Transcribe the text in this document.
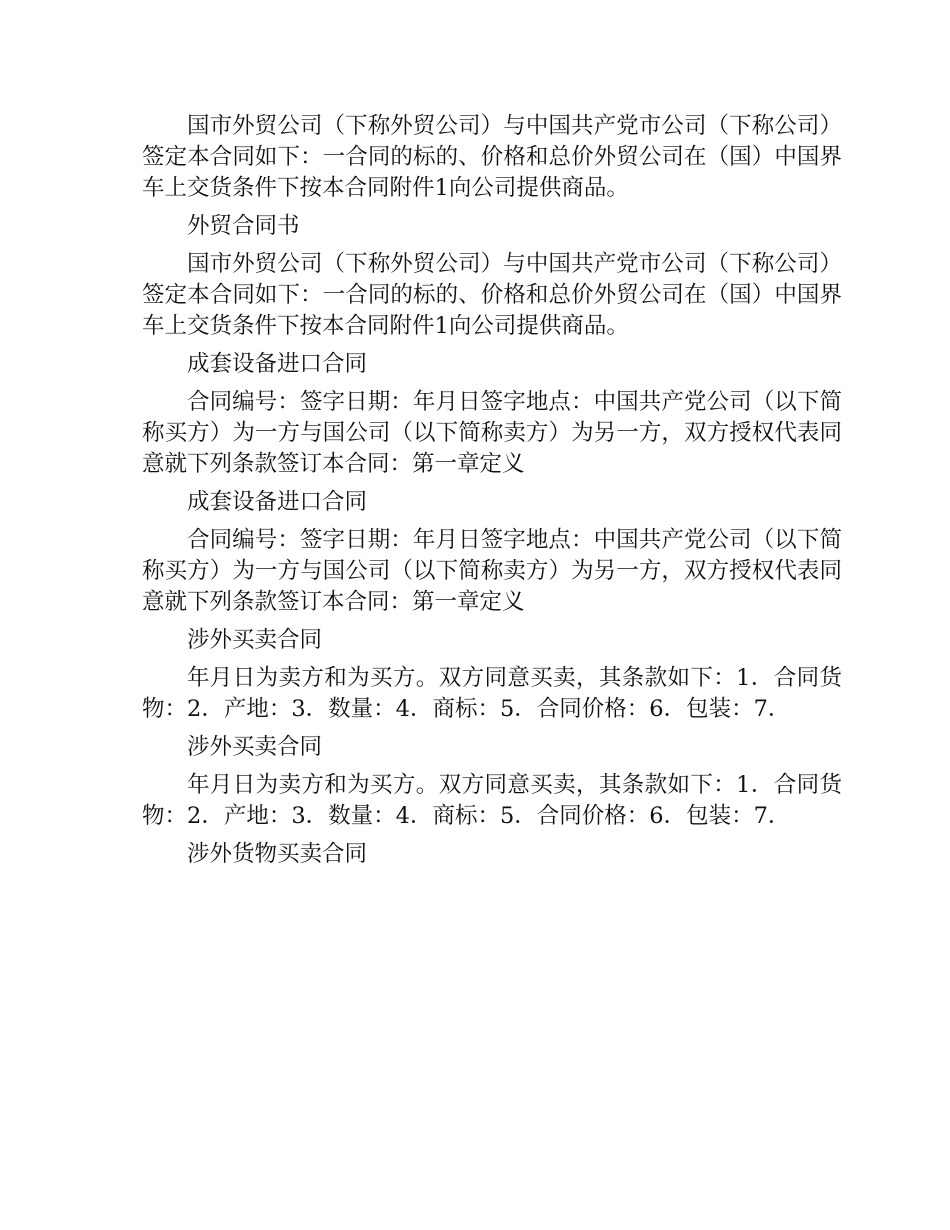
国市外贸公司（下称外贸公司）与中国共产党市公司（下称公司）签定本合同如下：一合同的标的、价格和总价外贸公司在（国）中国界车上交货条件下按本合同附件1向公司提供商品。

外贸合同书

国市外贸公司（下称外贸公司）与中国共产党市公司（下称公司）签定本合同如下：一合同的标的、价格和总价外贸公司在（国）中国界车上交货条件下按本合同附件1向公司提供商品。

成套设备进口合同

合同编号：签字日期：年月日签字地点：中国共产党公司（以下简称买方）为一方与国公司（以下简称卖方）为另一方，双方授权代表同意就下列条款签订本合同：第一章定义

成套设备进口合同

合同编号：签字日期：年月日签字地点：中国共产党公司（以下简称买方）为一方与国公司（以下简称卖方）为另一方，双方授权代表同意就下列条款签订本合同：第一章定义

涉外买卖合同

年月日为卖方和为买方。双方同意买卖，其条款如下：1．合同货物：2．产地：3．数量：4．商标：5．合同价格：6．包装：7．

涉外买卖合同

年月日为卖方和为买方。双方同意买卖，其条款如下：1．合同货物：2．产地：3．数量：4．商标：5．合同价格：6．包装：7．

涉外货物买卖合同
